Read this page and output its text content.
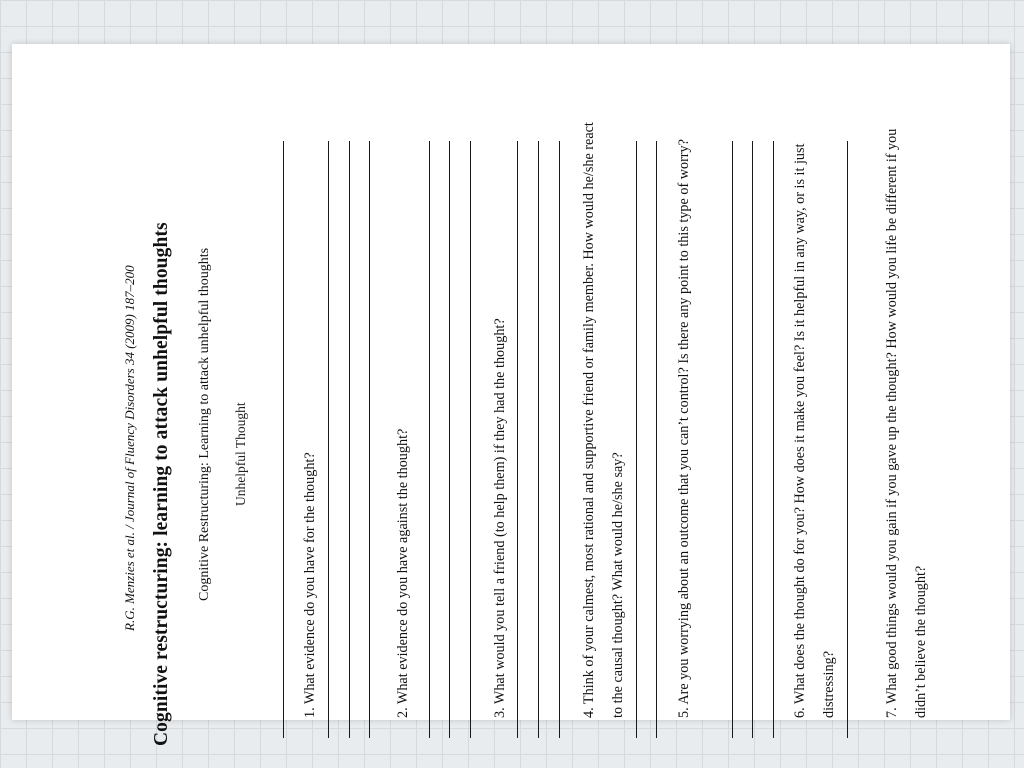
R.G. Menzies et al. / Journal of Fluency Disorders 34 (2009) 187–200 Cognitive restructuring: learning to attack unhelpful thoughts Cognitive Restructuring: Learning to attack unhelpful thoughts Unhelpful Thought	1. What evidence do you have for the thought?	2. What evidence do you have against the thought?	3. What would you tell a friend (to help them) if they had the thought?	4. Think of your calmest, most rational and supportive friend or family member. How would he/she react to the causal thought? What would he/she say?	5. Are you worrying about an outcome that you can’t control? Is there any point to this type of worry?	6. What does the thought do for you? How does it make you feel? Is it helpful in any way, or is it just distressing?	7. What good things would you gain if you gave up the thought? How would you life be different if you didn’t believe the thought?
